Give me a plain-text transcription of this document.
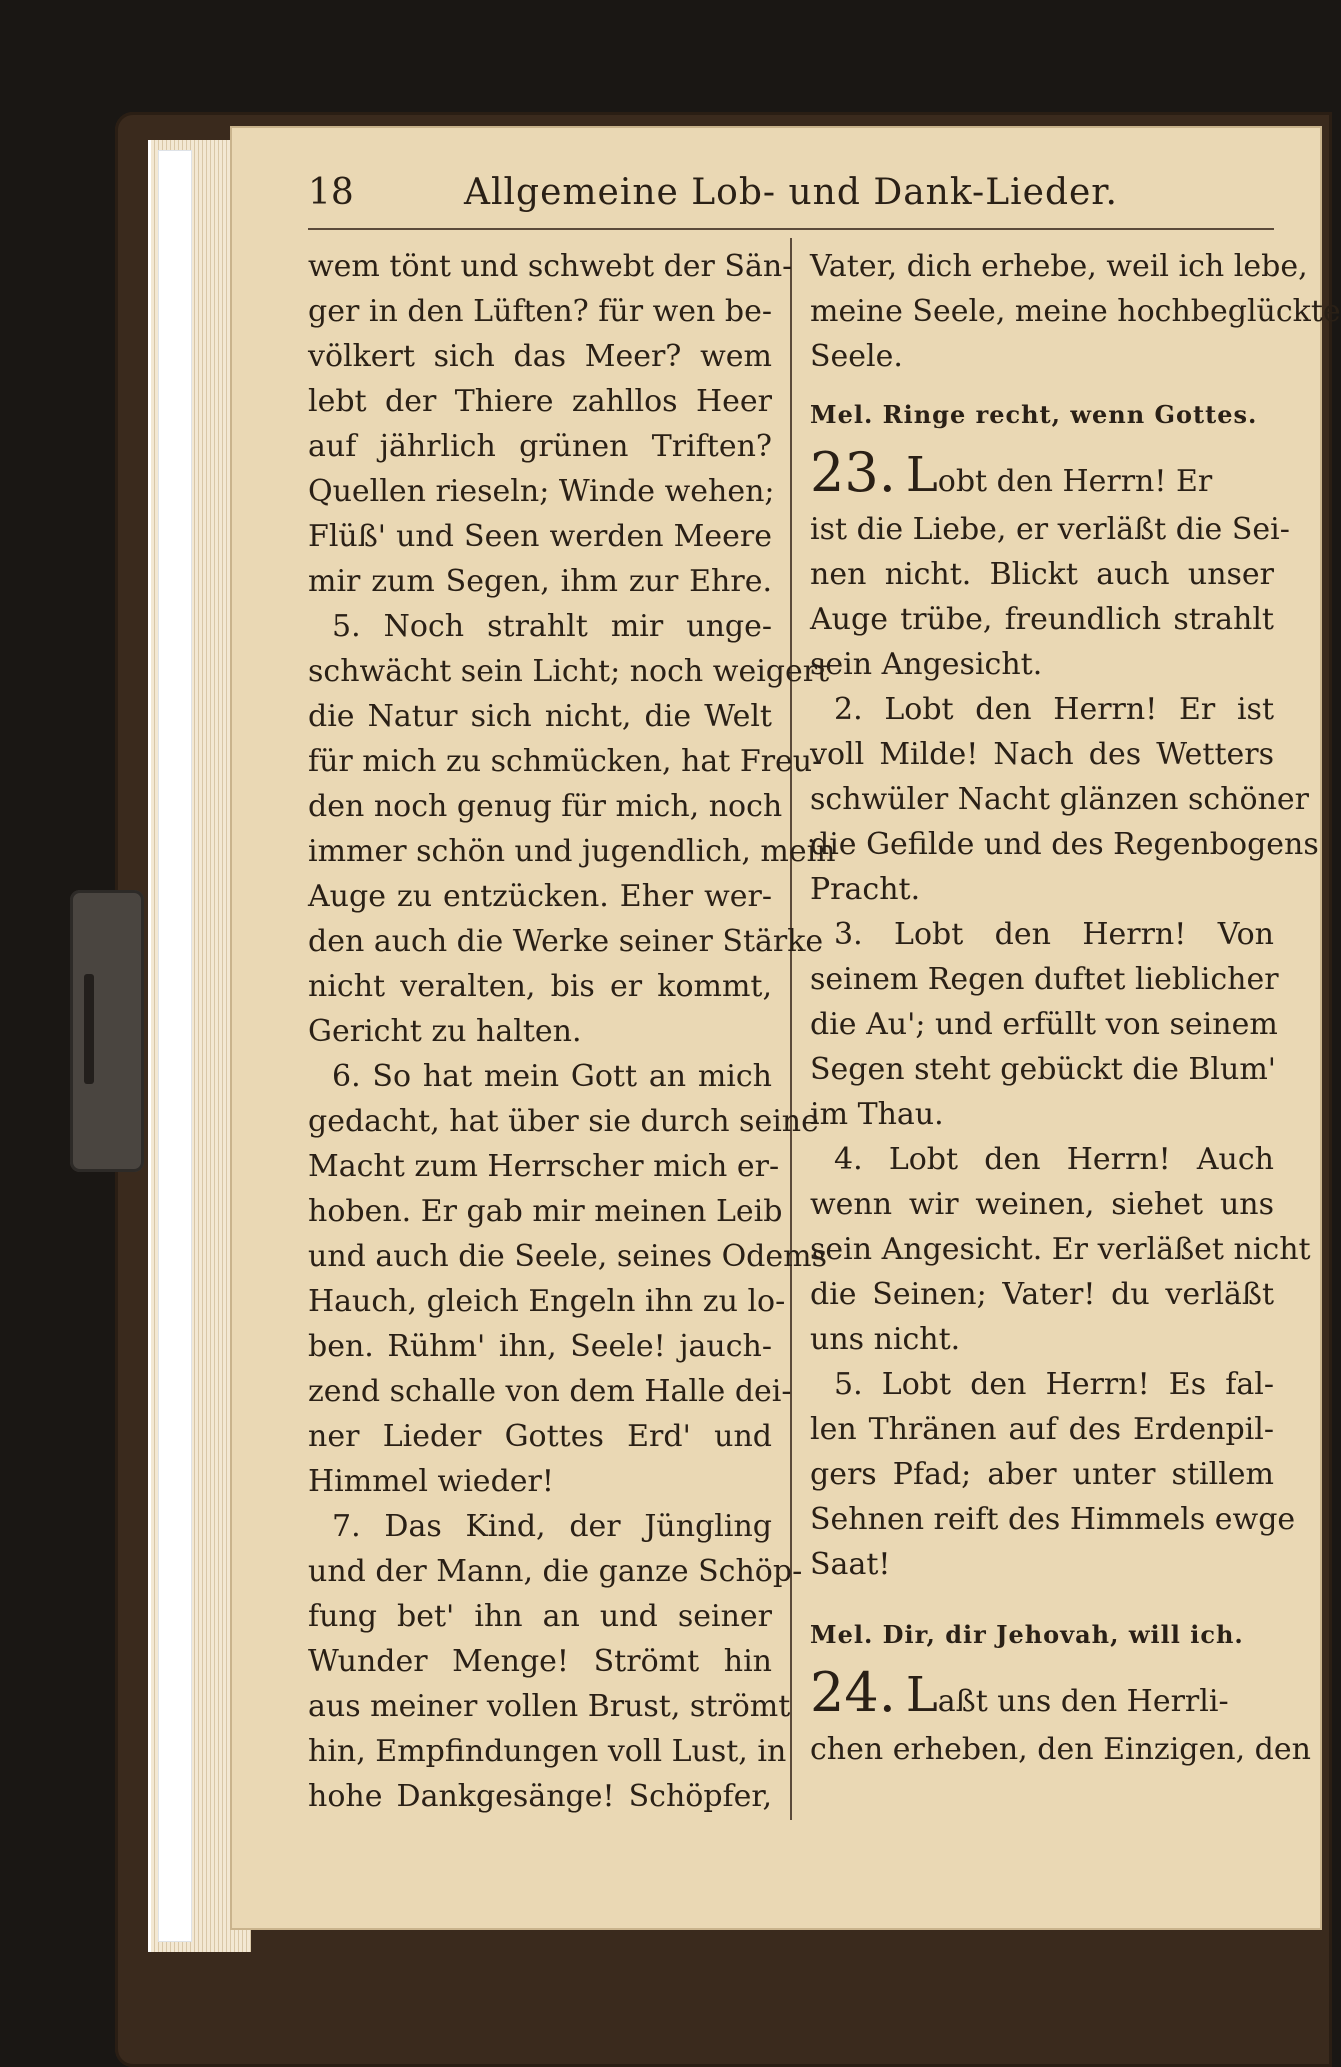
18	Allgemeine Lob- und Dank-Lieder.
wem tönt und schwebt der Sän-
ger in den Lüften? für wen be-
völkert sich das Meer? wem
lebt der Thiere zahllos Heer
auf jährlich grünen Triften?
Quellen rieseln; Winde wehen;
Flüß' und Seen werden Meere
mir zum Segen, ihm zur Ehre.
5. Noch strahlt mir unge-
schwächt sein Licht; noch weigert
die Natur sich nicht, die Welt
für mich zu schmücken, hat Freu-
den noch genug für mich, noch
immer schön und jugendlich, mein
Auge zu entzücken. Eher wer-
den auch die Werke seiner Stärke
nicht veralten, bis er kommt,
Gericht zu halten.
6. So hat mein Gott an mich
gedacht, hat über sie durch seine
Macht zum Herrscher mich er-
hoben. Er gab mir meinen Leib
und auch die Seele, seines Odems
Hauch, gleich Engeln ihn zu lo-
ben. Rühm' ihn, Seele! jauch-
zend schalle von dem Halle dei-
ner Lieder Gottes Erd' und
Himmel wieder!
7. Das Kind, der Jüngling
und der Mann, die ganze Schöp-
fung bet' ihn an und seiner
Wunder Menge! Strömt hin
aus meiner vollen Brust, strömt
hin, Empfindungen voll Lust, in
hohe Dankgesänge! Schöpfer,
Vater, dich erhebe, weil ich lebe,
meine Seele, meine hochbeglückte
Seele.
Mel. Ringe recht, wenn Gottes.
23. Lobt den Herrn! Er
ist die Liebe, er verläßt die Sei-
nen nicht. Blickt auch unser
Auge trübe, freundlich strahlt
sein Angesicht.
2. Lobt den Herrn! Er ist
voll Milde! Nach des Wetters
schwüler Nacht glänzen schöner
die Gefilde und des Regenbogens
Pracht.
3. Lobt den Herrn! Von
seinem Regen duftet lieblicher
die Au'; und erfüllt von seinem
Segen steht gebückt die Blum'
im Thau.
4. Lobt den Herrn! Auch
wenn wir weinen, siehet uns
sein Angesicht. Er verläßet nicht
die Seinen; Vater! du verläßt
uns nicht.
5. Lobt den Herrn! Es fal-
len Thränen auf des Erdenpil-
gers Pfad; aber unter stillem
Sehnen reift des Himmels ewge
Saat!
Mel. Dir, dir Jehovah, will ich.
24. Laßt uns den Herrli-
chen erheben, den Einzigen, den
